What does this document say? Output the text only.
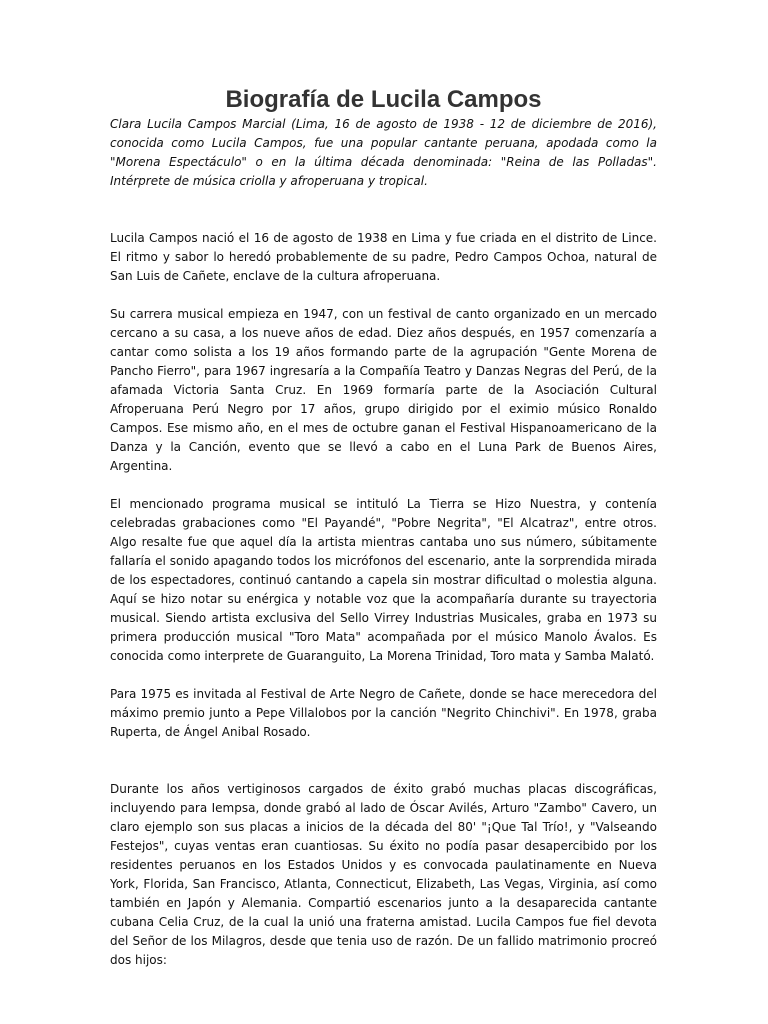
Biografía de Lucila Campos

Clara Lucila Campos Marcial (Lima, 16 de agosto de 1938 - 12 de diciembre de 2016), conocida como Lucila Campos, fue una popular cantante peruana, apodada como la "Morena Espectáculo" o en la última década denominada: "Reina de las Polladas". Intérprete de música criolla y afroperuana y tropical.

Lucila Campos nació el 16 de agosto de 1938 en Lima y fue criada en el distrito de Lince. El ritmo y sabor lo heredó probablemente de su padre, Pedro Campos Ochoa, natural de San Luis de Cañete, enclave de la cultura afroperuana.

Su carrera musical empieza en 1947, con un festival de canto organizado en un mercado cercano a su casa, a los nueve años de edad. Diez años después, en 1957 comenzaría a cantar como solista a los 19 años formando parte de la agrupación "Gente Morena de Pancho Fierro", para 1967 ingresaría a la Compañía Teatro y Danzas Negras del Perú, de la afamada Victoria Santa Cruz. En 1969 formaría parte de la Asociación Cultural Afroperuana Perú Negro por 17 años, grupo dirigido por el eximio músico Ronaldo Campos. Ese mismo año, en el mes de octubre ganan el Festival Hispanoamericano de la Danza y la Canción, evento que se llevó a cabo en el Luna Park de Buenos Aires, Argentina.

El mencionado programa musical se intituló La Tierra se Hizo Nuestra, y contenía celebradas grabaciones como "El Payandé", "Pobre Negrita", "El Alcatraz", entre otros. Algo resalte fue que aquel día la artista mientras cantaba uno sus número, súbitamente fallaría el sonido apagando todos los micrófonos del escenario, ante la sorprendida mirada de los espectadores, continuó cantando a capela sin mostrar dificultad o molestia alguna. Aquí se hizo notar su enérgica y notable voz que la acompañaría durante su trayectoria musical. Siendo artista exclusiva del Sello Virrey Industrias Musicales, graba en 1973 su primera producción musical "Toro Mata" acompañada por el músico Manolo Ávalos. Es conocida como interprete de Guaranguito, La Morena Trinidad, Toro mata y Samba Malató.

Para 1975 es invitada al Festival de Arte Negro de Cañete, donde se hace merecedora del máximo premio junto a Pepe Villalobos por la canción "Negrito Chinchivi". En 1978, graba Ruperta, de Ángel Anibal Rosado.

Durante los años vertiginosos cargados de éxito grabó muchas placas discográficas, incluyendo para Iempsa, donde grabó al lado de Óscar Avilés, Arturo "Zambo" Cavero, un claro ejemplo son sus placas a inicios de la década del 80' "¡Que Tal Trío!, y "Valseando Festejos", cuyas ventas eran cuantiosas. Su éxito no podía pasar desapercibido por los residentes peruanos en los Estados Unidos y es convocada paulatinamente en Nueva York, Florida, San Francisco, Atlanta, Connecticut, Elizabeth, Las Vegas, Virginia, así como también en Japón y Alemania. Compartió escenarios junto a la desaparecida cantante cubana Celia Cruz, de la cual la unió una fraterna amistad. Lucila Campos fue fiel devota del Señor de los Milagros, desde que tenia uso de razón. De un fallido matrimonio procreó dos hijos:
